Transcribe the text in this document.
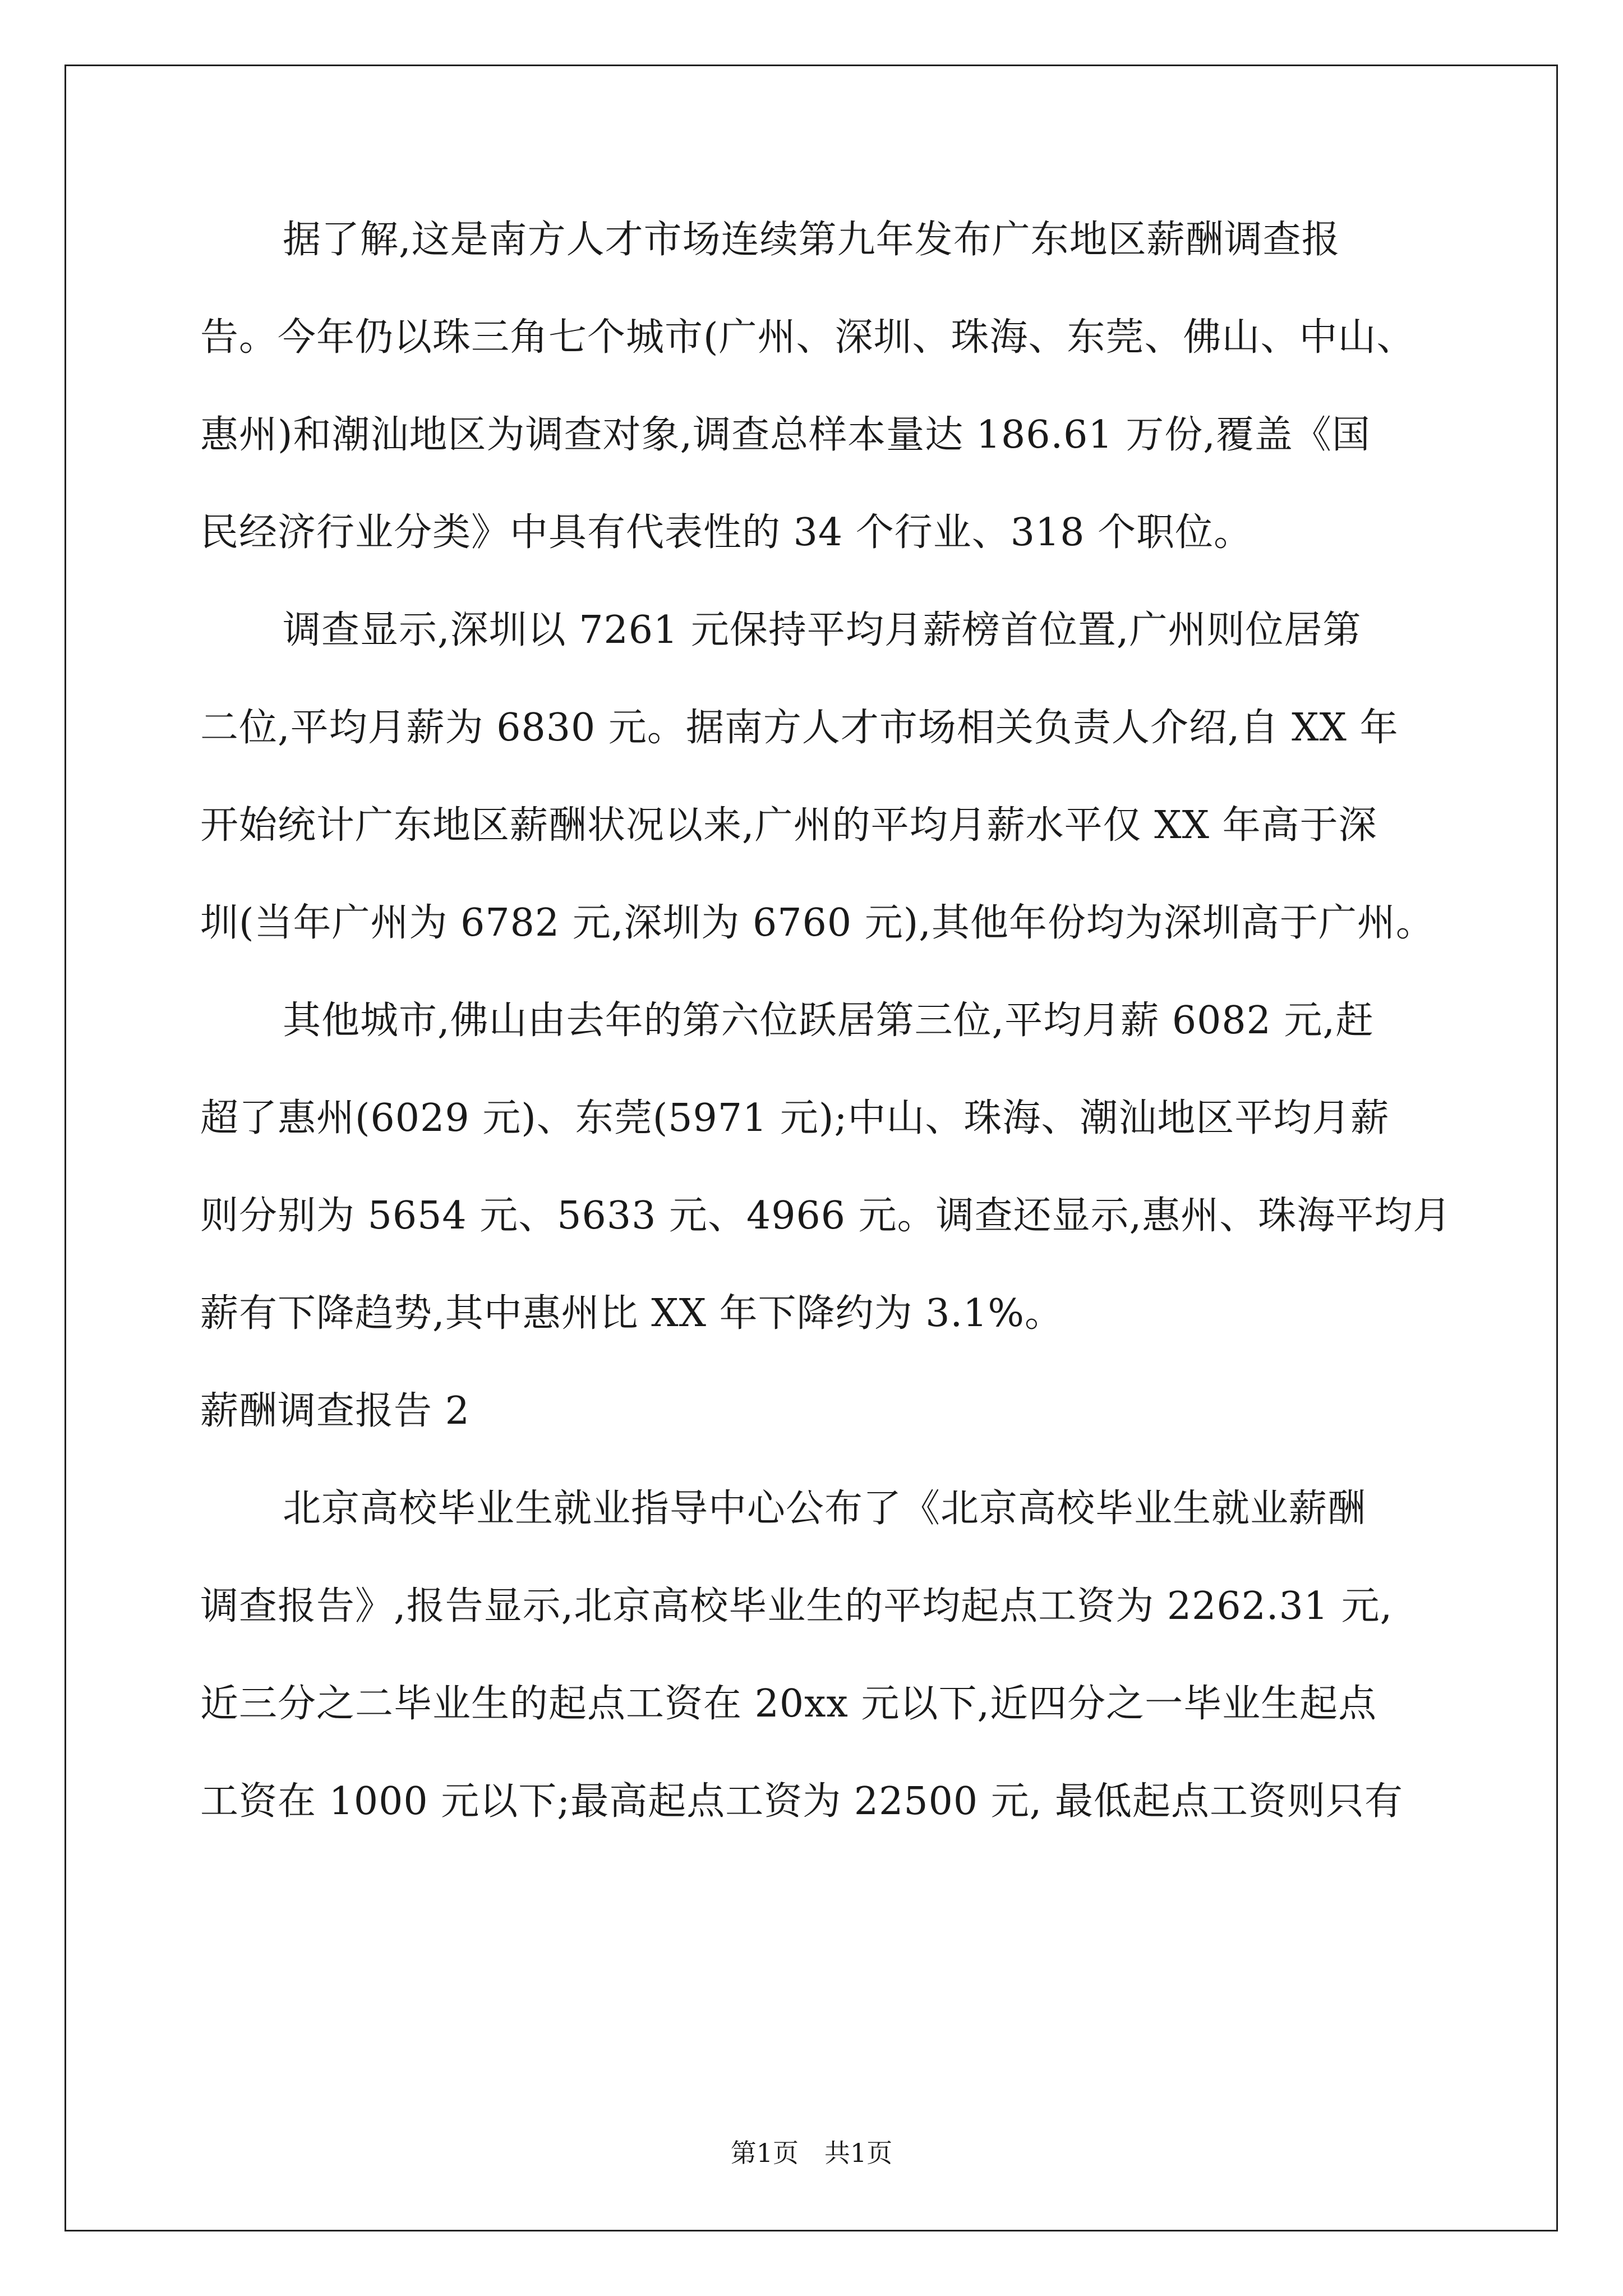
据了解,这是南方人才市场连续第九年发布广东地区薪酬调查报
告。今年仍以珠三角七个城市(广州、深圳、珠海、东莞、佛山、中山、
惠州)和潮汕地区为调查对象,调查总样本量达 186.61 万份,覆盖《国
民经济行业分类》中具有代表性的 34 个行业、318 个职位。
调查显示,深圳以 7261 元保持平均月薪榜首位置,广州则位居第
二位,平均月薪为 6830 元。据南方人才市场相关负责人介绍,自 XX 年
开始统计广东地区薪酬状况以来,广州的平均月薪水平仅 XX 年高于深
圳(当年广州为 6782 元,深圳为 6760 元),其他年份均为深圳高于广州。
其他城市,佛山由去年的第六位跃居第三位,平均月薪 6082 元,赶
超了惠州(6029 元)、东莞(5971 元);中山、珠海、潮汕地区平均月薪
则分别为 5654 元、5633 元、4966 元。调查还显示,惠州、珠海平均月
薪有下降趋势,其中惠州比 XX 年下降约为 3.1%。
薪酬调查报告 2
北京高校毕业生就业指导中心公布了《北京高校毕业生就业薪酬
调查报告》,报告显示,北京高校毕业生的平均起点工资为 2262.31 元,
近三分之二毕业生的起点工资在 20xx 元以下,近四分之一毕业生起点
工资在 1000 元以下;最高起点工资为 22500 元, 最低起点工资则只有
第1页 共1页
